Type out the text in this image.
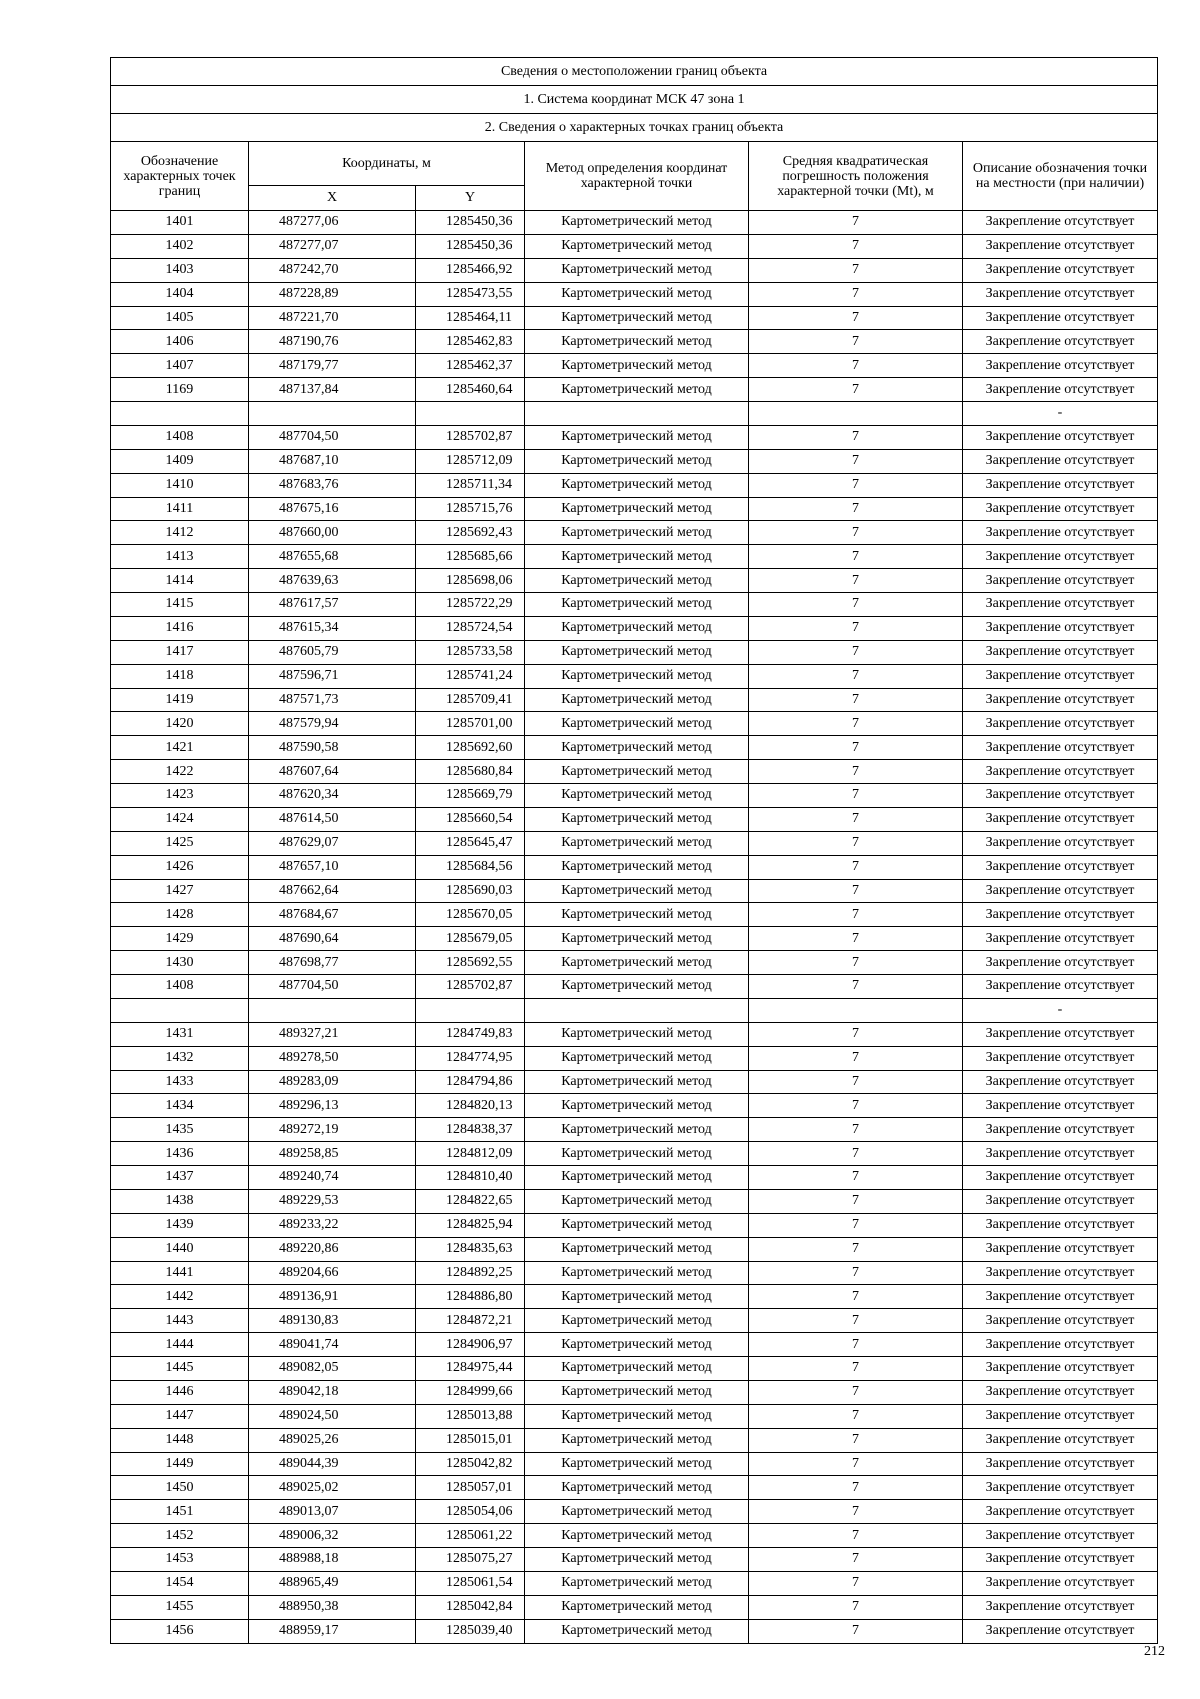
Сведения о местоположении границ объекта					
1. Система координат МСК 47 зона 1					
2. Сведения о характерных точках границ объекта					
Обозначение характерных точек границ	Координаты, м		Метод определения координат характерной точки	Средняя квадратическая погрешность положения характерной точки (Mt), м	Описание обозначения точки на местности (при наличии)
	X	Y			
1401	487277,06	1285450,36	Картометрический метод	7	Закрепление отсутствует
1402	487277,07	1285450,36	Картометрический метод	7	Закрепление отсутствует
1403	487242,70	1285466,92	Картометрический метод	7	Закрепление отсутствует
1404	487228,89	1285473,55	Картометрический метод	7	Закрепление отсутствует
1405	487221,70	1285464,11	Картометрический метод	7	Закрепление отсутствует
1406	487190,76	1285462,83	Картометрический метод	7	Закрепление отсутствует
1407	487179,77	1285462,37	Картометрический метод	7	Закрепление отсутствует
1169	487137,84	1285460,64	Картометрический метод	7	Закрепление отсутствует
					-
1408	487704,50	1285702,87	Картометрический метод	7	Закрепление отсутствует
1409	487687,10	1285712,09	Картометрический метод	7	Закрепление отсутствует
1410	487683,76	1285711,34	Картометрический метод	7	Закрепление отсутствует
1411	487675,16	1285715,76	Картометрический метод	7	Закрепление отсутствует
1412	487660,00	1285692,43	Картометрический метод	7	Закрепление отсутствует
1413	487655,68	1285685,66	Картометрический метод	7	Закрепление отсутствует
1414	487639,63	1285698,06	Картометрический метод	7	Закрепление отсутствует
1415	487617,57	1285722,29	Картометрический метод	7	Закрепление отсутствует
1416	487615,34	1285724,54	Картометрический метод	7	Закрепление отсутствует
1417	487605,79	1285733,58	Картометрический метод	7	Закрепление отсутствует
1418	487596,71	1285741,24	Картометрический метод	7	Закрепление отсутствует
1419	487571,73	1285709,41	Картометрический метод	7	Закрепление отсутствует
1420	487579,94	1285701,00	Картометрический метод	7	Закрепление отсутствует
1421	487590,58	1285692,60	Картометрический метод	7	Закрепление отсутствует
1422	487607,64	1285680,84	Картометрический метод	7	Закрепление отсутствует
1423	487620,34	1285669,79	Картометрический метод	7	Закрепление отсутствует
1424	487614,50	1285660,54	Картометрический метод	7	Закрепление отсутствует
1425	487629,07	1285645,47	Картометрический метод	7	Закрепление отсутствует
1426	487657,10	1285684,56	Картометрический метод	7	Закрепление отсутствует
1427	487662,64	1285690,03	Картометрический метод	7	Закрепление отсутствует
1428	487684,67	1285670,05	Картометрический метод	7	Закрепление отсутствует
1429	487690,64	1285679,05	Картометрический метод	7	Закрепление отсутствует
1430	487698,77	1285692,55	Картометрический метод	7	Закрепление отсутствует
1408	487704,50	1285702,87	Картометрический метод	7	Закрепление отсутствует
					-
1431	489327,21	1284749,83	Картометрический метод	7	Закрепление отсутствует
1432	489278,50	1284774,95	Картометрический метод	7	Закрепление отсутствует
1433	489283,09	1284794,86	Картометрический метод	7	Закрепление отсутствует
1434	489296,13	1284820,13	Картометрический метод	7	Закрепление отсутствует
1435	489272,19	1284838,37	Картометрический метод	7	Закрепление отсутствует
1436	489258,85	1284812,09	Картометрический метод	7	Закрепление отсутствует
1437	489240,74	1284810,40	Картометрический метод	7	Закрепление отсутствует
1438	489229,53	1284822,65	Картометрический метод	7	Закрепление отсутствует
1439	489233,22	1284825,94	Картометрический метод	7	Закрепление отсутствует
1440	489220,86	1284835,63	Картометрический метод	7	Закрепление отсутствует
1441	489204,66	1284892,25	Картометрический метод	7	Закрепление отсутствует
1442	489136,91	1284886,80	Картометрический метод	7	Закрепление отсутствует
1443	489130,83	1284872,21	Картометрический метод	7	Закрепление отсутствует
1444	489041,74	1284906,97	Картометрический метод	7	Закрепление отсутствует
1445	489082,05	1284975,44	Картометрический метод	7	Закрепление отсутствует
1446	489042,18	1284999,66	Картометрический метод	7	Закрепление отсутствует
1447	489024,50	1285013,88	Картометрический метод	7	Закрепление отсутствует
1448	489025,26	1285015,01	Картометрический метод	7	Закрепление отсутствует
1449	489044,39	1285042,82	Картометрический метод	7	Закрепление отсутствует
1450	489025,02	1285057,01	Картометрический метод	7	Закрепление отсутствует
1451	489013,07	1285054,06	Картометрический метод	7	Закрепление отсутствует
1452	489006,32	1285061,22	Картометрический метод	7	Закрепление отсутствует
1453	488988,18	1285075,27	Картометрический метод	7	Закрепление отсутствует
1454	488965,49	1285061,54	Картометрический метод	7	Закрепление отсутствует
1455	488950,38	1285042,84	Картометрический метод	7	Закрепление отсутствует
1456	488959,17	1285039,40	Картометрический метод	7	Закрепление отсутствует
212
